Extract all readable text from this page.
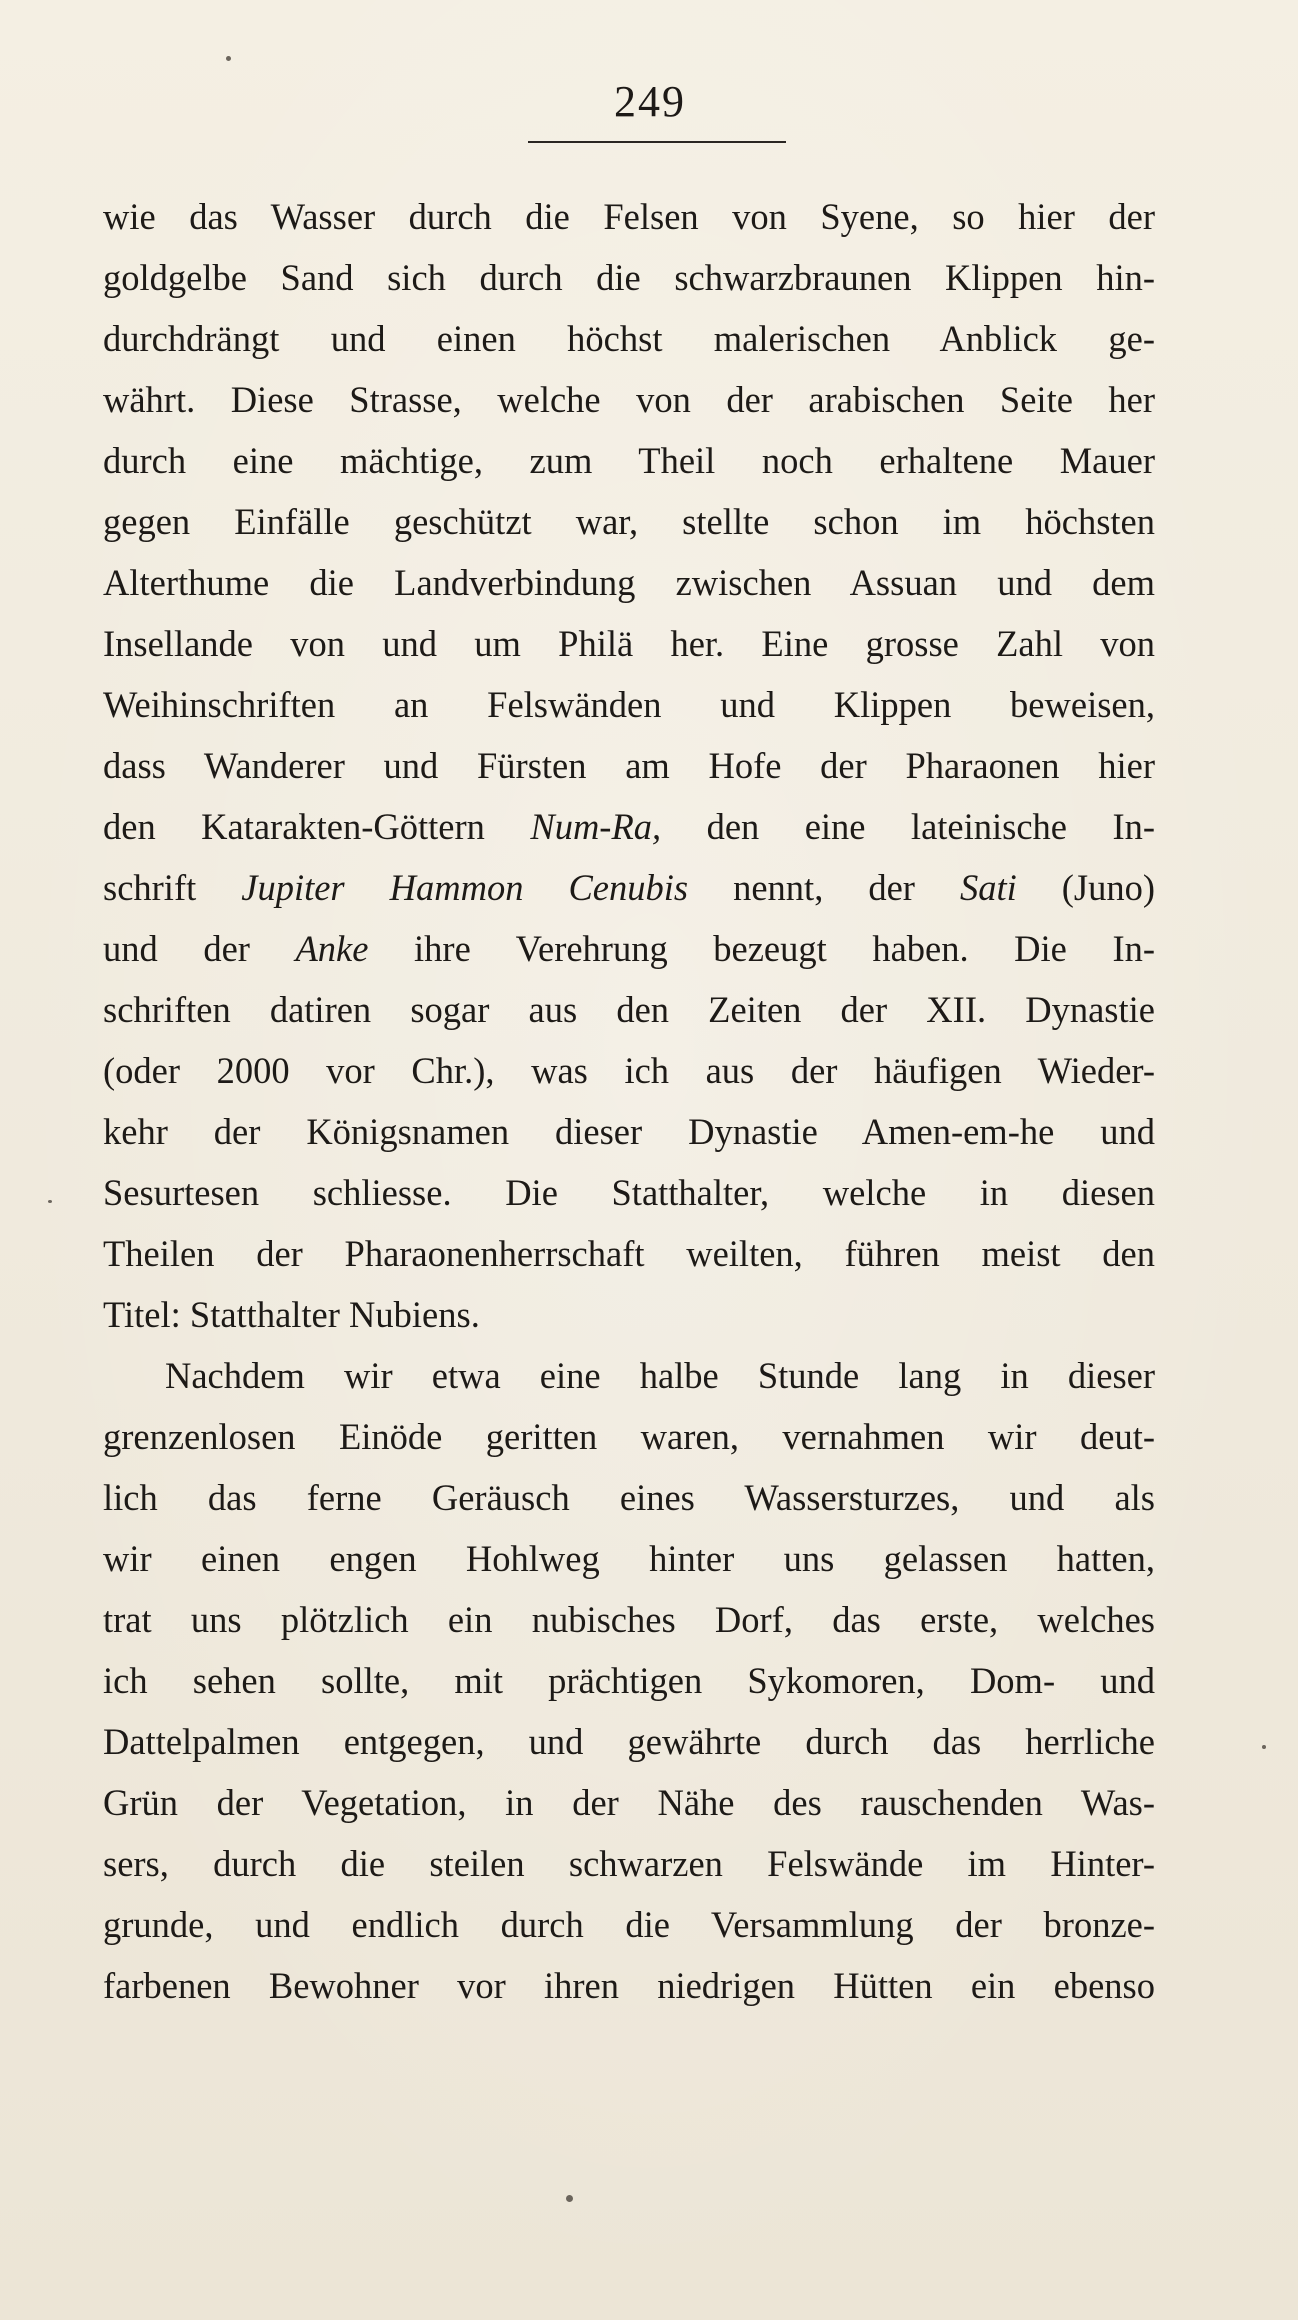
249
wie das Wasser durch die Felsen von Syene, so hier der
goldgelbe Sand sich durch die schwarzbraunen Klippen hin-
durchdrängt und einen höchst malerischen Anblick ge-
währt. Diese Strasse, welche von der arabischen Seite her
durch eine mächtige, zum Theil noch erhaltene Mauer
gegen Einfälle geschützt war, stellte schon im höchsten
Alterthume die Landverbindung zwischen Assuan und dem
Insellande von und um Philä her. Eine grosse Zahl von
Weihinschriften an Felswänden und Klippen beweisen,
dass Wanderer und Fürsten am Hofe der Pharaonen hier
den Katarakten-Göttern Num-Ra, den eine lateinische In-
schrift Jupiter Hammon Cenubis nennt, der Sati (Juno)
und der Anke ihre Verehrung bezeugt haben. Die In-
schriften datiren sogar aus den Zeiten der XII. Dynastie
(oder 2000 vor Chr.), was ich aus der häufigen Wieder-
kehr der Königsnamen dieser Dynastie Amen-em-he und
Sesurtesen schliesse. Die Statthalter, welche in diesen
Theilen der Pharaonenherrschaft weilten, führen meist den
Titel: Statthalter Nubiens.
Nachdem wir etwa eine halbe Stunde lang in dieser
grenzenlosen Einöde geritten waren, vernahmen wir deut-
lich das ferne Geräusch eines Wassersturzes, und als
wir einen engen Hohlweg hinter uns gelassen hatten,
trat uns plötzlich ein nubisches Dorf, das erste, welches
ich sehen sollte, mit prächtigen Sykomoren, Dom- und
Dattelpalmen entgegen, und gewährte durch das herrliche
Grün der Vegetation, in der Nähe des rauschenden Was-
sers, durch die steilen schwarzen Felswände im Hinter-
grunde, und endlich durch die Versammlung der bronze-
farbenen Bewohner vor ihren niedrigen Hütten ein ebenso
